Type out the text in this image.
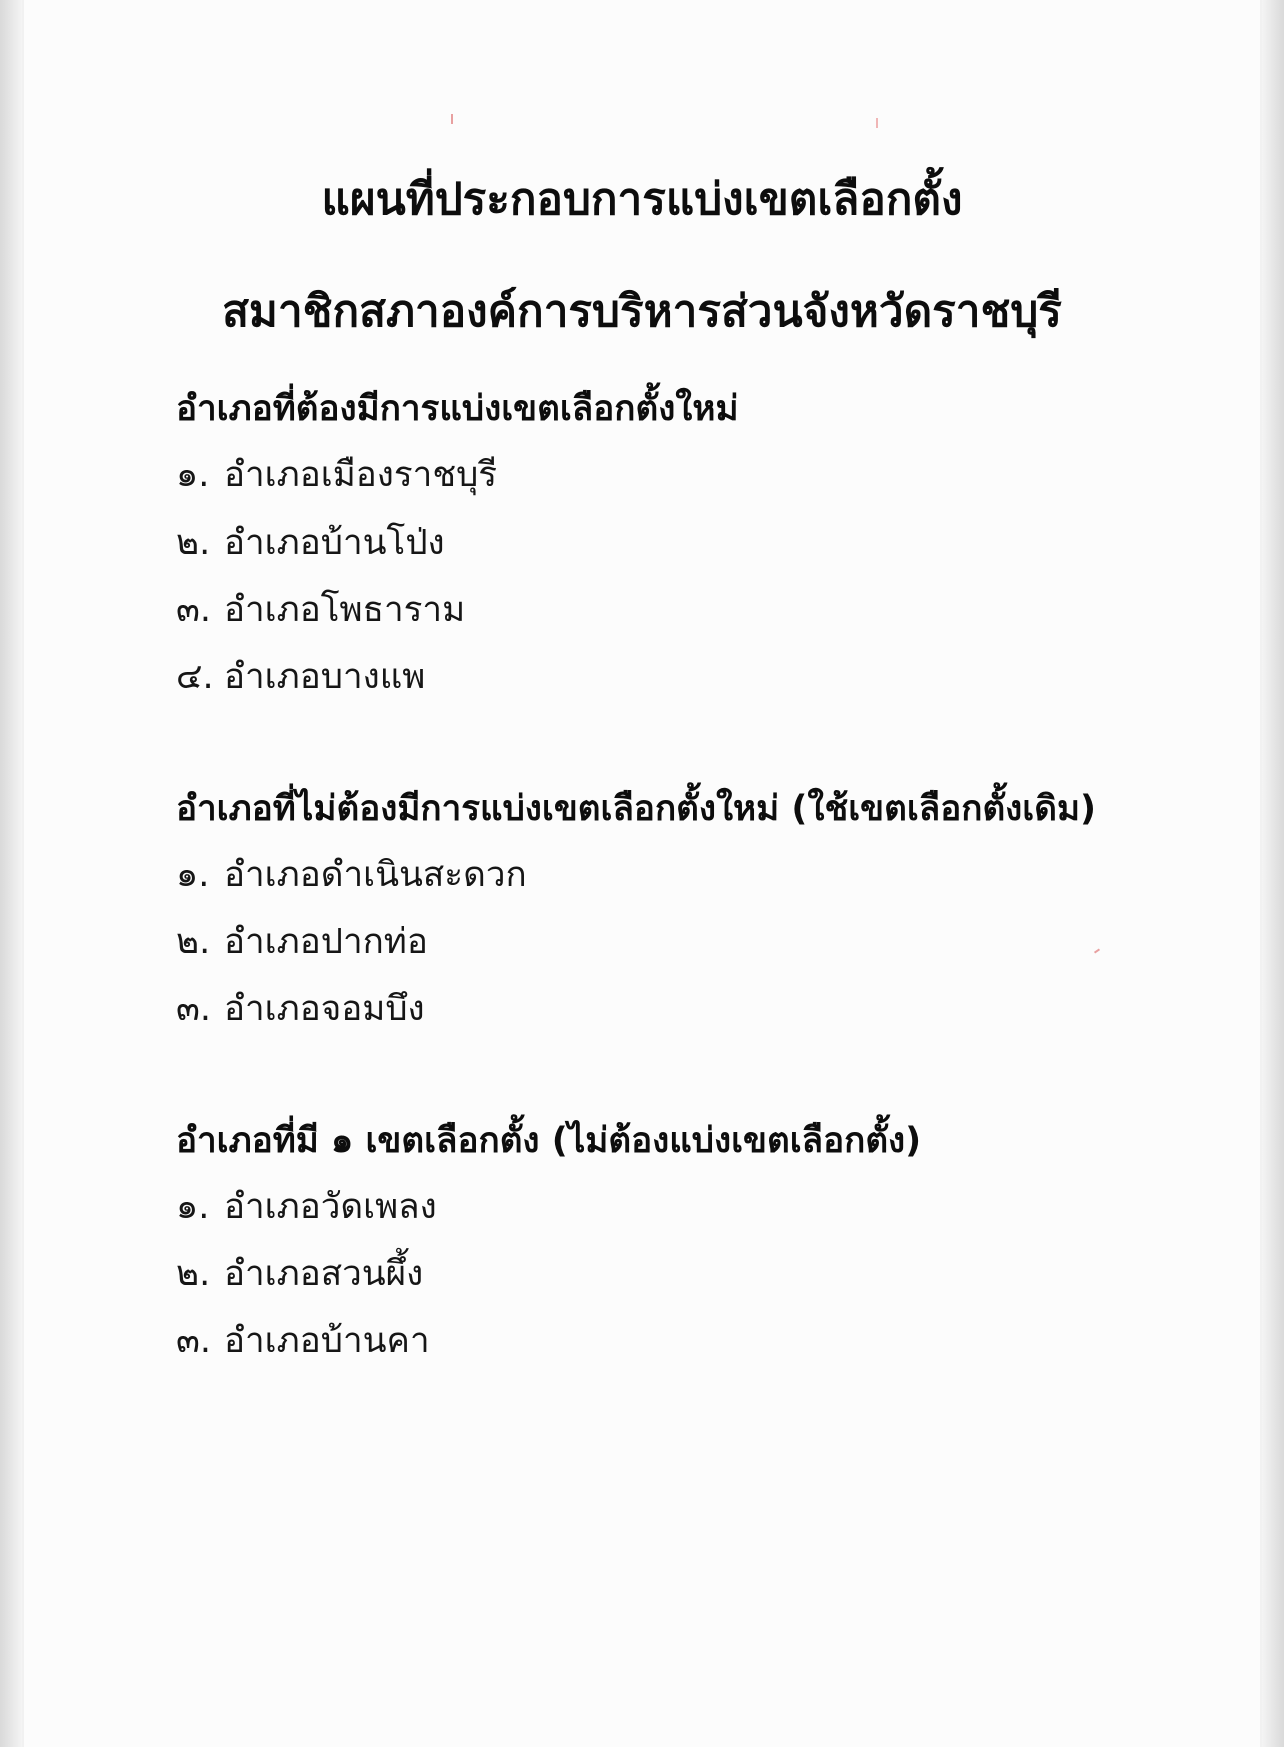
แผนที่ประกอบการแบ่งเขตเลือกตั้ง
สมาชิกสภาองค์การบริหารส่วนจังหวัดราชบุรี
อำเภอที่ต้องมีการแบ่งเขตเลือกตั้งใหม่
๑. อำเภอเมืองราชบุรี
๒. อำเภอบ้านโป่ง
๓. อำเภอโพธาราม
๔. อำเภอบางแพ
อำเภอที่ไม่ต้องมีการแบ่งเขตเลือกตั้งใหม่ (ใช้เขตเลือกตั้งเดิม)
๑. อำเภอดำเนินสะดวก
๒. อำเภอปากท่อ
๓. อำเภอจอมบึง
อำเภอที่มี ๑ เขตเลือกตั้ง (ไม่ต้องแบ่งเขตเลือกตั้ง)
๑. อำเภอวัดเพลง
๒. อำเภอสวนผึ้ง
๓. อำเภอบ้านคา
